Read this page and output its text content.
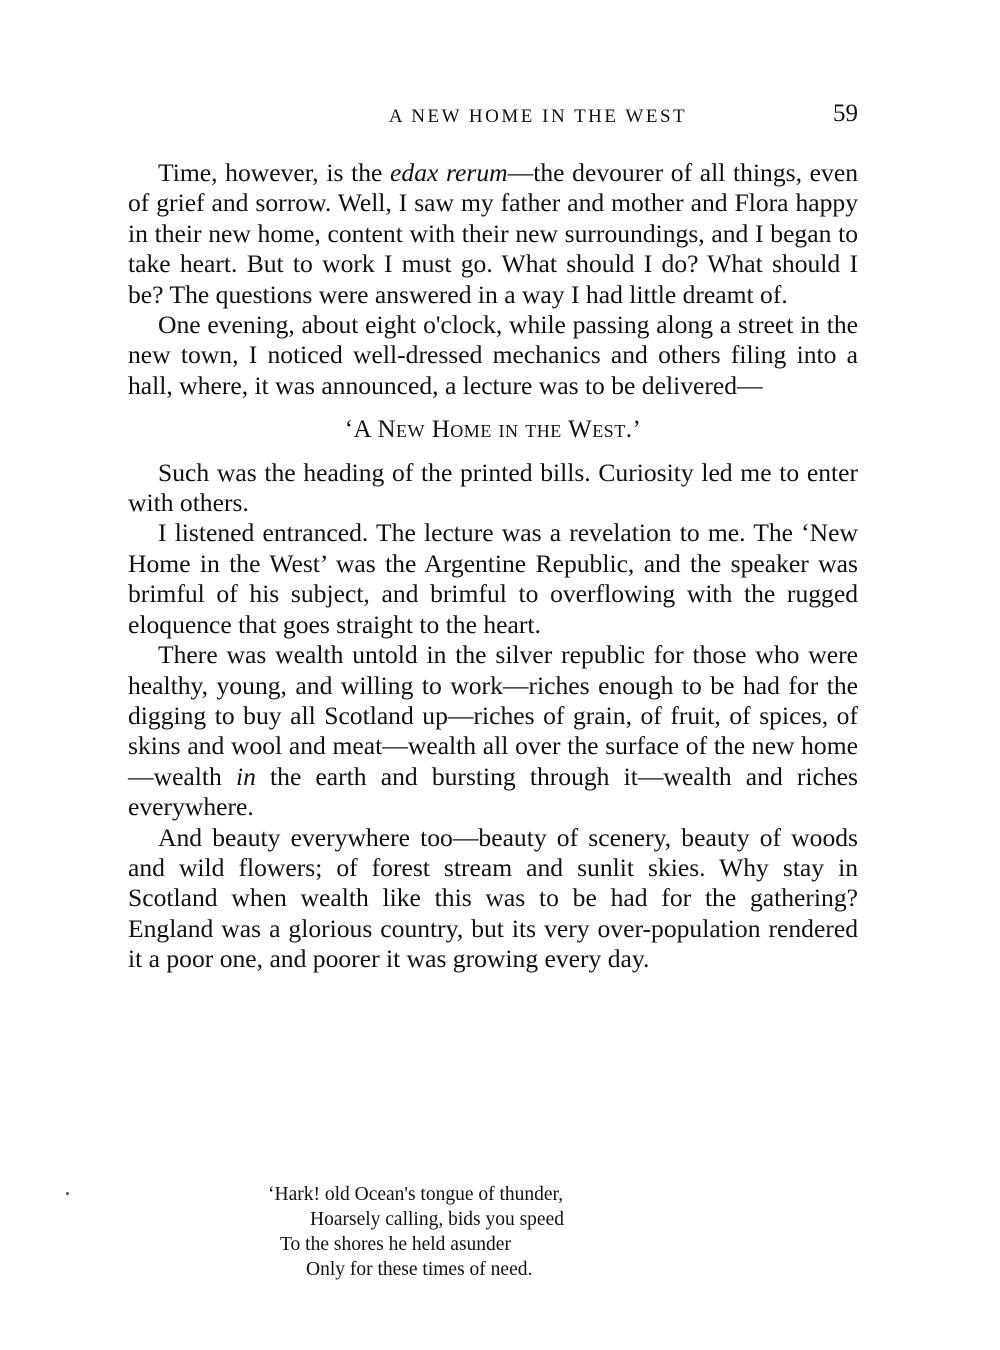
A NEW HOME IN THE WEST	59

Time, however, is the edax rerum—the devourer of all things, even of grief and sorrow. Well, I saw my father and mother and Flora happy in their new home, content with their new surroundings, and I began to take heart. But to work I must go. What should I do? What should I be? The questions were answered in a way I had little dreamt of.

One evening, about eight o'clock, while passing along a street in the new town, I noticed well-dressed mechanics and others filing into a hall, where, it was announced, a lecture was to be delivered—

‘A New Home in the West.’

Such was the heading of the printed bills. Curiosity led me to enter with others.

I listened entranced. The lecture was a revelation to me. The ‘New Home in the West’ was the Argentine Republic, and the speaker was brimful of his subject, and brimful to overflowing with the rugged eloquence that goes straight to the heart.

There was wealth untold in the silver republic for those who were healthy, young, and willing to work—riches enough to be had for the digging to buy all Scotland up—riches of grain, of fruit, of spices, of skins and wool and meat—wealth all over the surface of the new home—wealth in the earth and bursting through it—wealth and riches everywhere.

And beauty everywhere too—beauty of scenery, beauty of woods and wild flowers; of forest stream and sunlit skies. Why stay in Scotland when wealth like this was to be had for the gathering? England was a glorious country, but its very over-population rendered it a poor one, and poorer it was growing every day.

‘Hark! old Ocean's tongue of thunder,
Hoarsely calling, bids you speed
To the shores he held asunder
Only for these times of need.
